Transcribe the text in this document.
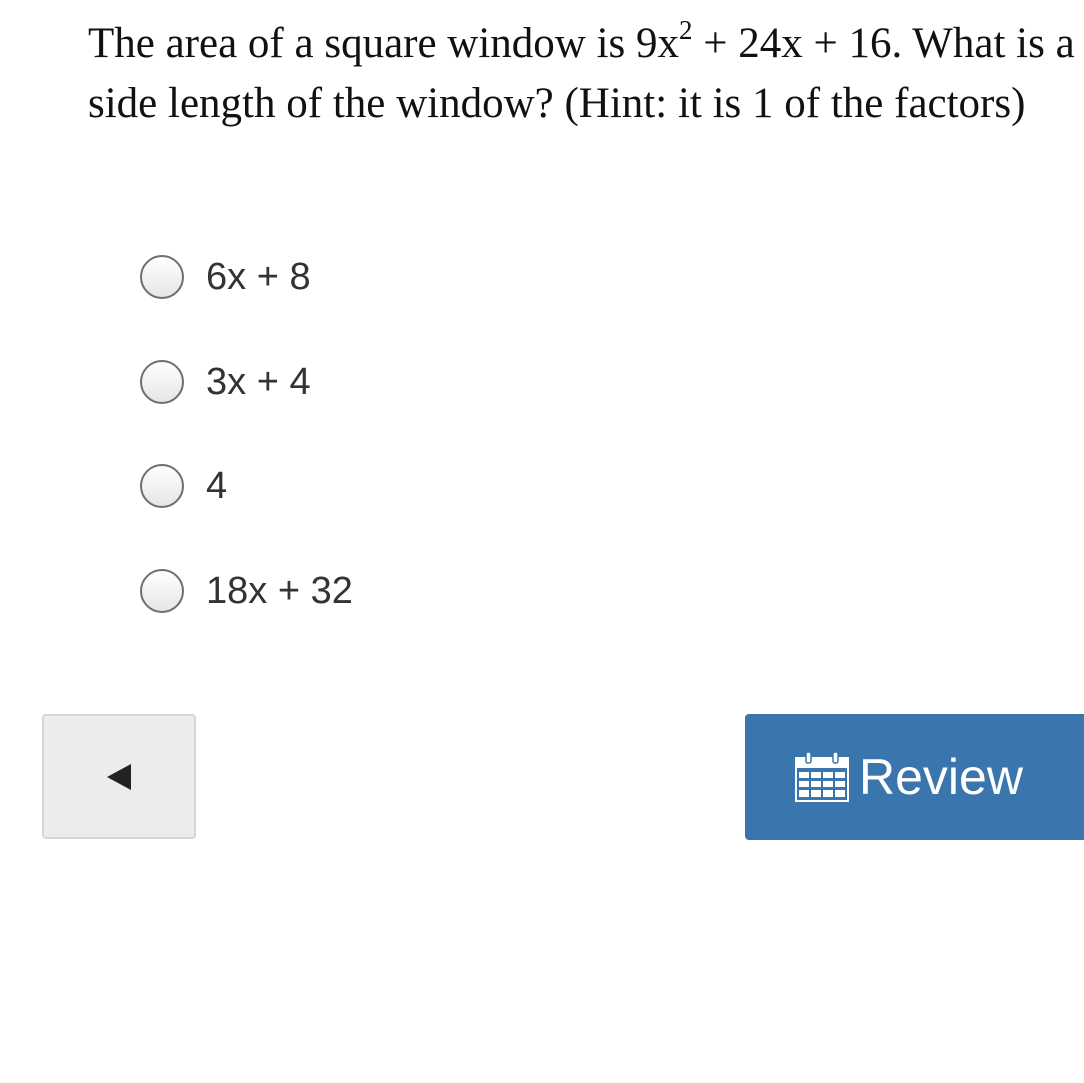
The area of a square window is $9x^2 + 24x + 16$. What is a side length of the window? (Hint: it is 1 of the factors)
6x + 8
3x + 4
4
18x + 32
Review
